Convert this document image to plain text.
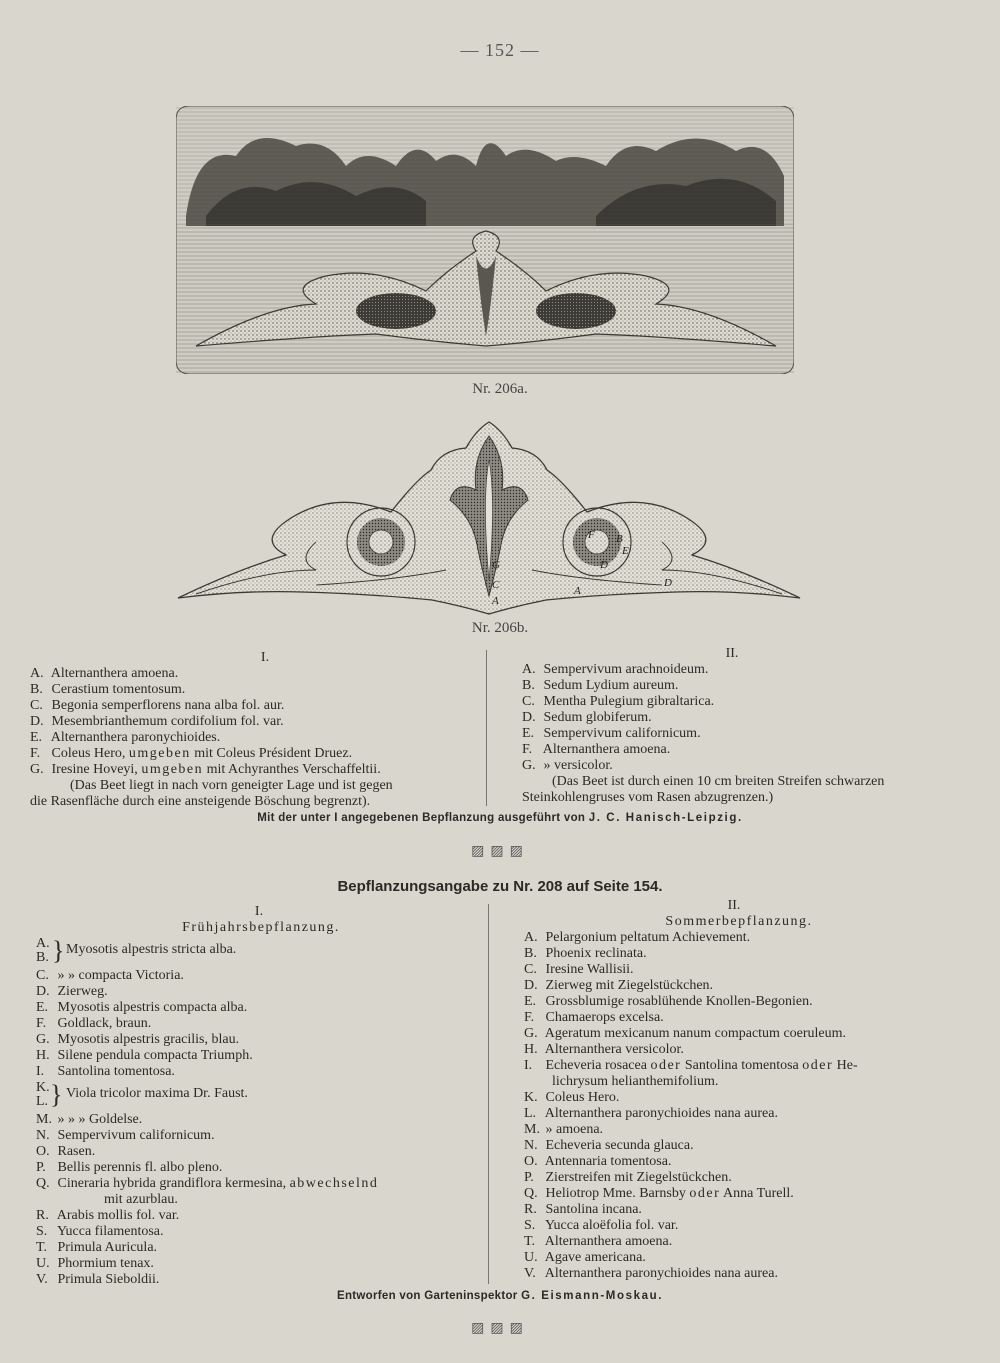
— 152 —
Nr. 206a.
G
C
A
F B
E
D
D
A
Nr. 206b.
I.
A. Alternanthera amoena.
B. Cerastium tomentosum.
C. Begonia semperflorens nana alba fol. aur.
D. Mesembrianthemum cordifolium fol. var.
E. Alternanthera paronychioides.
F. Coleus Hero, umgeben mit Coleus Président Druez.
G. Iresine Hoveyi, umgeben mit Achyranthes Verschaffeltii.
(Das Beet liegt in nach vorn geneigter Lage und ist gegen
die Rasenfläche durch eine ansteigende Böschung begrenzt).
II.
A. Sempervivum arachnoideum.
B. Sedum Lydium aureum.
C. Mentha Pulegium gibraltarica.
D. Sedum globiferum.
E. Sempervivum californicum.
F. Alternanthera amoena.
G. » versicolor.
(Das Beet ist durch einen 10 cm breiten Streifen schwarzen
Steinkohlengruses vom Rasen abzugrenzen.)
Mit der unter I angegebenen Bepflanzung ausgeführt von J. C. Hanisch-Leipzig.
▨▨▨
Bepflanzungsangabe zu Nr. 208 auf Seite 154.
I.
Frühjahrsbepflanzung.
A.
B. } Myosotis alpestris stricta alba.
C. » » compacta Victoria.
D. Zierweg.
E. Myosotis alpestris compacta alba.
F. Goldlack, braun.
G. Myosotis alpestris gracilis, blau.
H. Silene pendula compacta Triumph.
I. Santolina tomentosa.
K.
L. } Viola tricolor maxima Dr. Faust.
M. » » » Goldelse.
N. Sempervivum californicum.
O. Rasen.
P. Bellis perennis fl. albo pleno.
Q. Cineraria hybrida grandiflora kermesina, abwechselnd
mit azurblau.
R. Arabis mollis fol. var.
S. Yucca filamentosa.
T. Primula Auricula.
U. Phormium tenax.
V. Primula Sieboldii.
II.
Sommerbepflanzung.
A. Pelargonium peltatum Achievement.
B. Phoenix reclinata.
C. Iresine Wallisii.
D. Zierweg mit Ziegelstückchen.
E. Grossblumige rosablühende Knollen-Begonien.
F. Chamaerops excelsa.
G. Ageratum mexicanum nanum compactum coeruleum.
H. Alternanthera versicolor.
I. Echeveria rosacea oder Santolina tomentosa oder He-
lichrysum helianthemifolium.
K. Coleus Hero.
L. Alternanthera paronychioides nana aurea.
M. » amoena.
N. Echeveria secunda glauca.
O. Antennaria tomentosa.
P. Zierstreifen mit Ziegelstückchen.
Q. Heliotrop Mme. Barnsby oder Anna Turell.
R. Santolina incana.
S. Yucca aloëfolia fol. var.
T. Alternanthera amoena.
U. Agave americana.
V. Alternanthera paronychioides nana aurea.
Entworfen von Garteninspektor G. Eismann-Moskau.
▨▨▨
